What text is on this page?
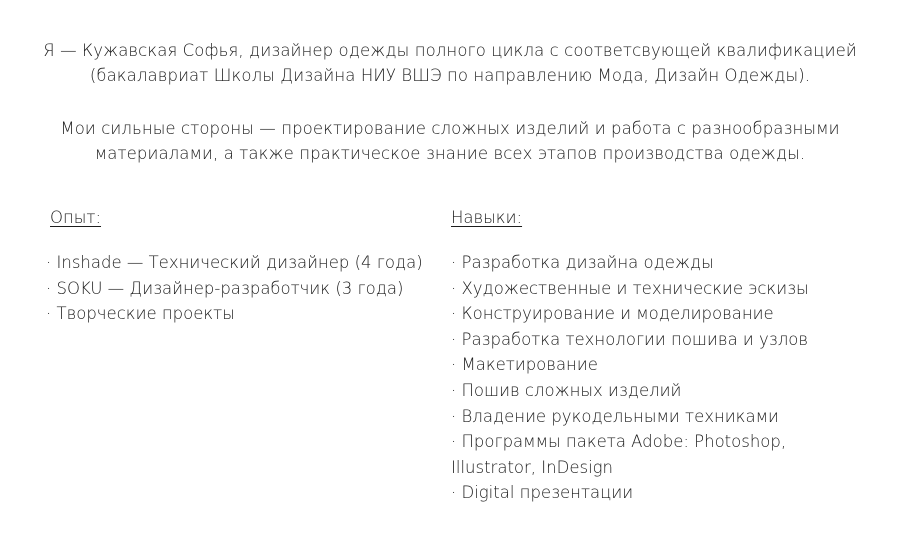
Я — Кужавская Софья, дизайнер одежды полного цикла с соответсвующей квалификацией
(бакалавриат Школы Дизайна НИУ ВШЭ по направлению Мода, Дизайн Одежды).
Мои сильные стороны — проектирование сложных изделий и работа с разнообразными
материалами, а также практическое знание всех этапов производства одежды.
Опыт:
· Inshade — Технический дизайнер (4 года)
· SOKU — Дизайнер-разработчик (3 года)
· Творческие проекты
Навыки:
· Разработка дизайна одежды
· Художественные и технические эскизы
· Конструирование и моделирование
· Разработка технологии пошива и узлов
· Макетирование
· Пошив сложных изделий
· Владение рукодельными техниками
· Программы пакета Adobe: Photoshop,
Illustrator, InDesign
· Digital презентации
